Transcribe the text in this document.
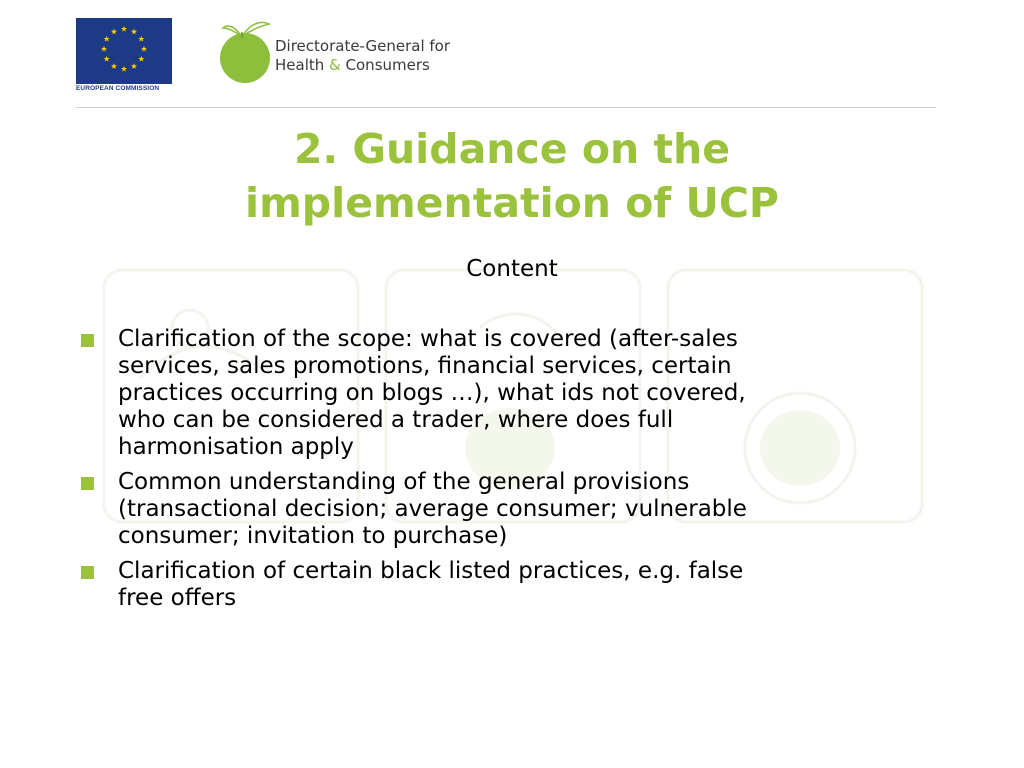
EUROPEAN COMMISSION
Directorate-General for
Health & Consumers
2. Guidance on the
implementation of UCP
Content
Clarification of the scope: what is covered (after-sales
services, sales promotions, financial services, certain
practices occurring on blogs …), what ids not covered,
who can be considered a trader, where does full
harmonisation apply
Common understanding of the general provisions
(transactional decision; average consumer; vulnerable
consumer; invitation to purchase)
Clarification of certain black listed practices, e.g. false
free offers
